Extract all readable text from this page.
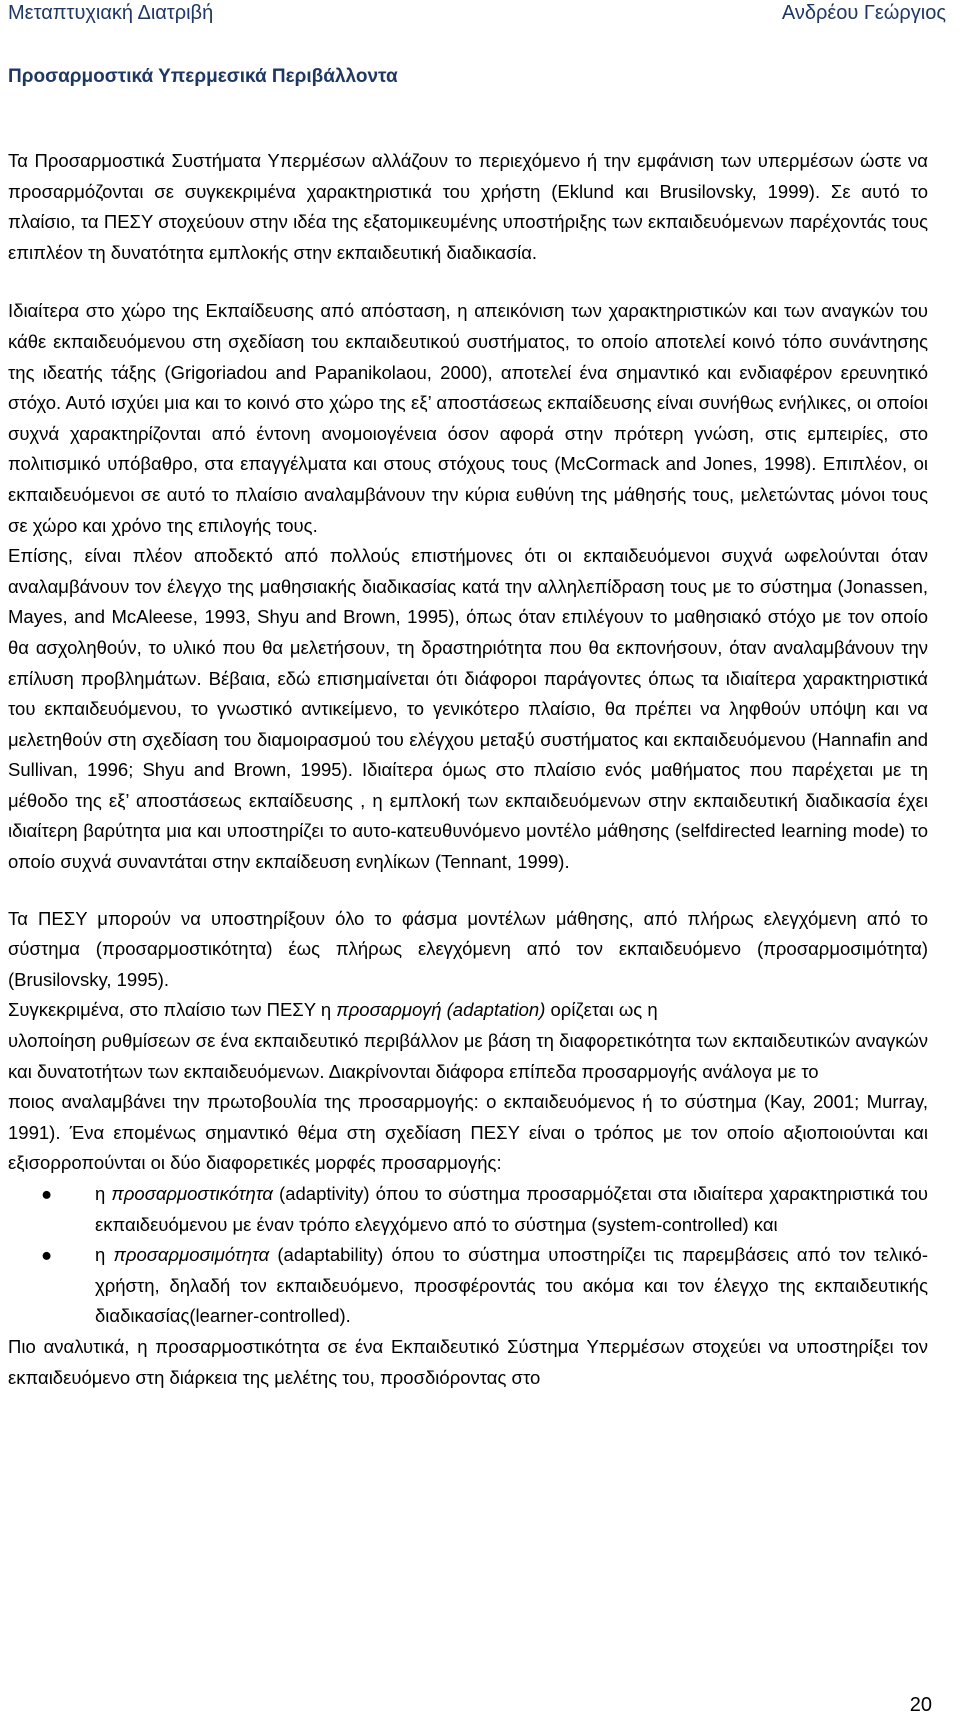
Μεταπτυχιακή Διατριβή	Ανδρέου Γεώργιος
Προσαρμοστικά Υπερμεσικά Περιβάλλοντα

Τα Προσαρμοστικά Συστήματα Υπερμέσων αλλάζουν το περιεχόμενο ή την εμφάνιση των υπερμέσων ώστε να προσαρμόζονται σε συγκεκριμένα χαρακτηριστικά του χρήστη (Eklund και Brusilovsky, 1999). Σε αυτό το πλαίσιο, τα ΠΕΣΥ στοχεύουν στην ιδέα της εξατομικευμένης υποστήριξης των εκπαιδευόμενων παρέχοντάς τους επιπλέον τη δυνατότητα εμπλοκής στην εκπαιδευτική διαδικασία.

Ιδιαίτερα στο χώρο της Εκπαίδευσης από απόσταση, η απεικόνιση των χαρακτηριστικών και των αναγκών του κάθε εκπαιδευόμενου στη σχεδίαση του εκπαιδευτικού συστήματος, το οποίο αποτελεί κοινό τόπο συνάντησης της ιδεατής τάξης (Grigoriadou and Papanikolaou, 2000), αποτελεί ένα σημαντικό και ενδιαφέρον ερευνητικό στόχο. Αυτό ισχύει μια και το κοινό στο χώρο της εξ’ αποστάσεως εκπαίδευσης είναι συνήθως ενήλικες, οι οποίοι συχνά χαρακτηρίζονται από έντονη ανομοιογένεια όσον αφορά στην πρότερη γνώση, στις εμπειρίες, στο πολιτισμικό υπόβαθρο, στα επαγγέλματα και στους στόχους τους (McCormack and Jones, 1998). Επιπλέον, οι εκπαιδευόμενοι σε αυτό το πλαίσιο αναλαμβάνουν την κύρια ευθύνη της μάθησής τους, μελετώντας μόνοι τους σε χώρο και χρόνο της επιλογής τους.

Επίσης, είναι πλέον αποδεκτό από πολλούς επιστήμονες ότι οι εκπαιδευόμενοι συχνά ωφελούνται όταν αναλαμβάνουν τον έλεγχο της μαθησιακής διαδικασίας κατά την αλληλεπίδραση τους με το σύστημα (Jonassen, Mayes, and McAleese, 1993, Shyu and Brown, 1995), όπως όταν επιλέγουν το μαθησιακό στόχο με τον οποίο θα ασχοληθούν, το υλικό που θα μελετήσουν, τη δραστηριότητα που θα εκπονήσουν, όταν αναλαμβάνουν την επίλυση προβλημάτων. Βέβαια, εδώ επισημαίνεται ότι διάφοροι παράγοντες όπως τα ιδιαίτερα χαρακτηριστικά του εκπαιδευόμενου, το γνωστικό αντικείμενο, το γενικότερο πλαίσιο, θα πρέπει να ληφθούν υπόψη και να μελετηθούν στη σχεδίαση του διαμοιρασμού του ελέγχου μεταξύ συστήματος και εκπαιδευόμενου (Hannafin and Sullivan, 1996; Shyu and Brown, 1995). Ιδιαίτερα όμως στο πλαίσιο ενός μαθήματος που παρέχεται με τη μέθοδο της εξ’ αποστάσεως εκπαίδευσης , η εμπλοκή των εκπαιδευόμενων στην εκπαιδευτική διαδικασία έχει ιδιαίτερη βαρύτητα μια και υποστηρίζει το αυτο-κατευθυνόμενο μοντέλο μάθησης (selfdirected learning mode) το οποίο συχνά συναντάται στην εκπαίδευση ενηλίκων (Tennant, 1999).

Τα ΠΕΣΥ μπορούν να υποστηρίξουν όλο το φάσμα μοντέλων μάθησης, από πλήρως ελεγχόμενη από το σύστημα (προσαρμοστικότητα) έως πλήρως ελεγχόμενη από τον εκπαιδευόμενο (προσαρμοσιμότητα) (Brusilovsky, 1995).

Συγκεκριμένα, στο πλαίσιο των ΠΕΣΥ η προσαρμογή (adaptation) ορίζεται ως η

υλοποίηση ρυθμίσεων σε ένα εκπαιδευτικό περιβάλλον με βάση τη διαφορετικότητα των εκπαιδευτικών αναγκών και δυνατοτήτων των εκπαιδευόμενων. Διακρίνονται διάφορα επίπεδα προσαρμογής ανάλογα με το

ποιος αναλαμβάνει την πρωτοβουλία της προσαρμογής: ο εκπαιδευόμενος ή το σύστημα (Kay, 2001; Murray, 1991). Ένα επομένως σημαντικό θέμα στη σχεδίαση ΠΕΣΥ είναι ο τρόπος με τον οποίο αξιοποιούνται και εξισορροπούνται οι δύο διαφορετικές μορφές προσαρμογής:

● η προσαρμοστικότητα (adaptivity) όπου το σύστημα προσαρμόζεται στα ιδιαίτερα χαρακτηριστικά του εκπαιδευόμενου με έναν τρόπο ελεγχόμενο από το σύστημα (system-controlled) και
● η προσαρμοσιμότητα (adaptability) όπου το σύστημα υποστηρίζει τις παρεμβάσεις από τον τελικό-χρήστη, δηλαδή τον εκπαιδευόμενο, προσφέροντάς του ακόμα και τον έλεγχο της εκπαιδευτικής διαδικασίας(learner-controlled).

Πιο αναλυτικά, η προσαρμοστικότητα σε ένα Εκπαιδευτικό Σύστημα Υπερμέσων στοχεύει να υποστηρίξει τον εκπαιδευόμενο στη διάρκεια της μελέτης του, προσδιόροντας στο

20
